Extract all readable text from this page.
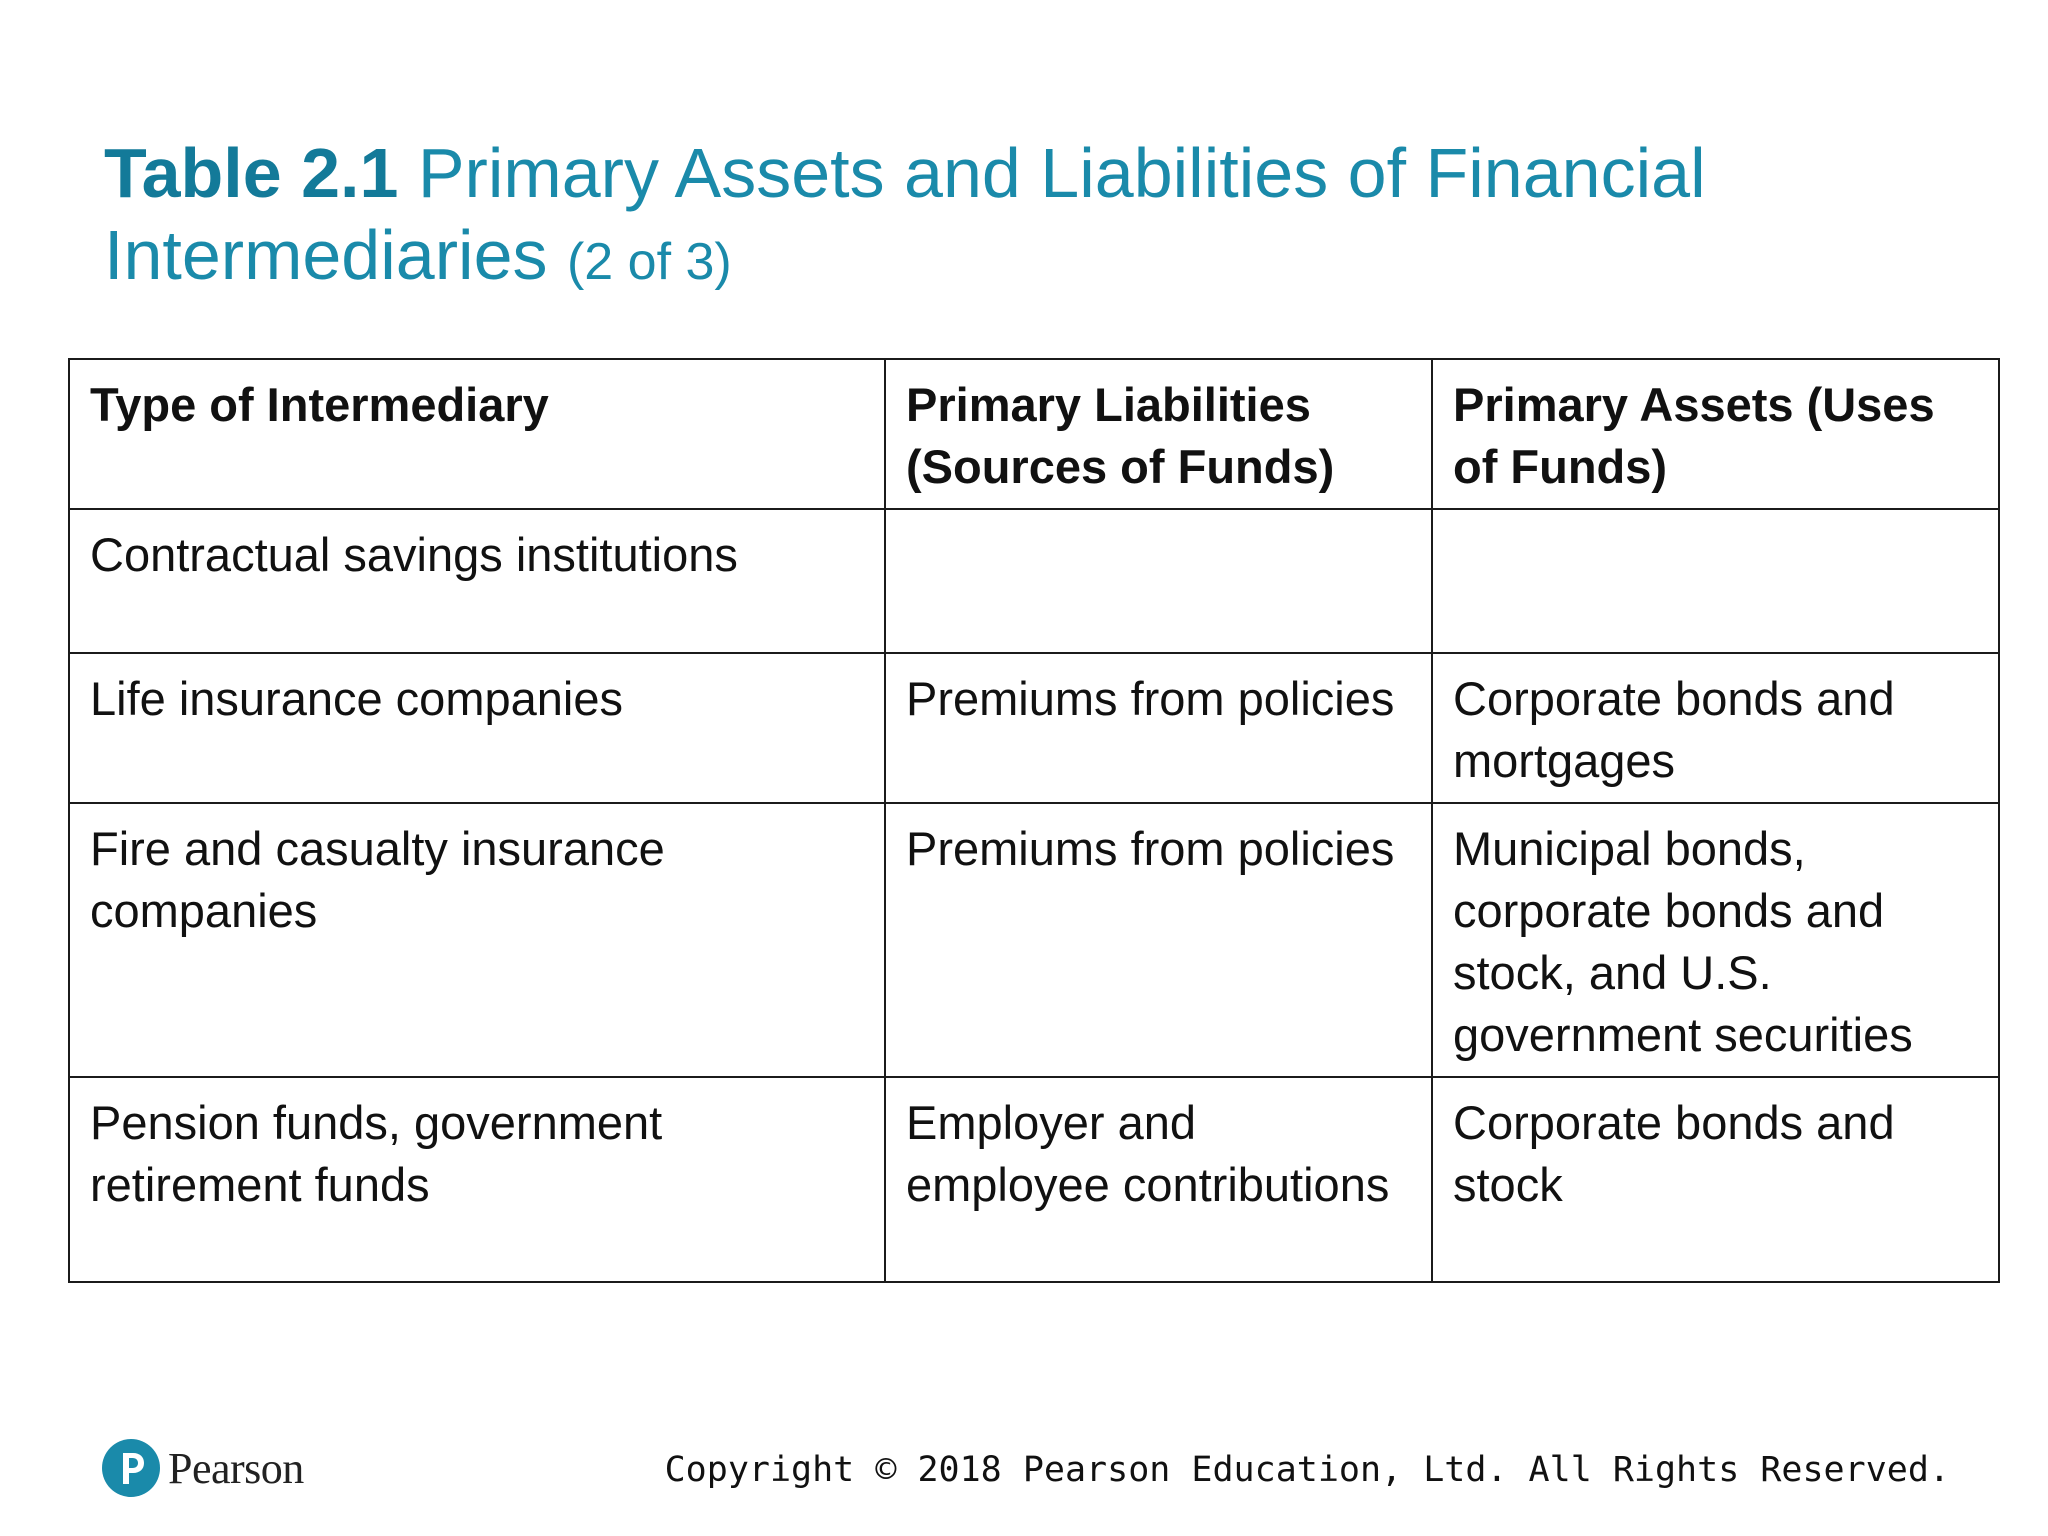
Table 2.1 Primary Assets and Liabilities of Financial Intermediaries (2 of 3)
Type of Intermediary	Primary Liabilities (Sources of Funds)	Primary Assets (Uses of Funds)
Contractual savings institutions		
Life insurance companies	Premiums from policies	Corporate bonds and mortgages
Fire and casualty insurance companies	Premiums from policies	Municipal bonds, corporate bonds and stock, and U.S. government securities
Pension funds, government retirement funds	Employer and employee contributions	Corporate bonds and stock
Pearson	Copyright © 2018 Pearson Education, Ltd. All Rights Reserved.
